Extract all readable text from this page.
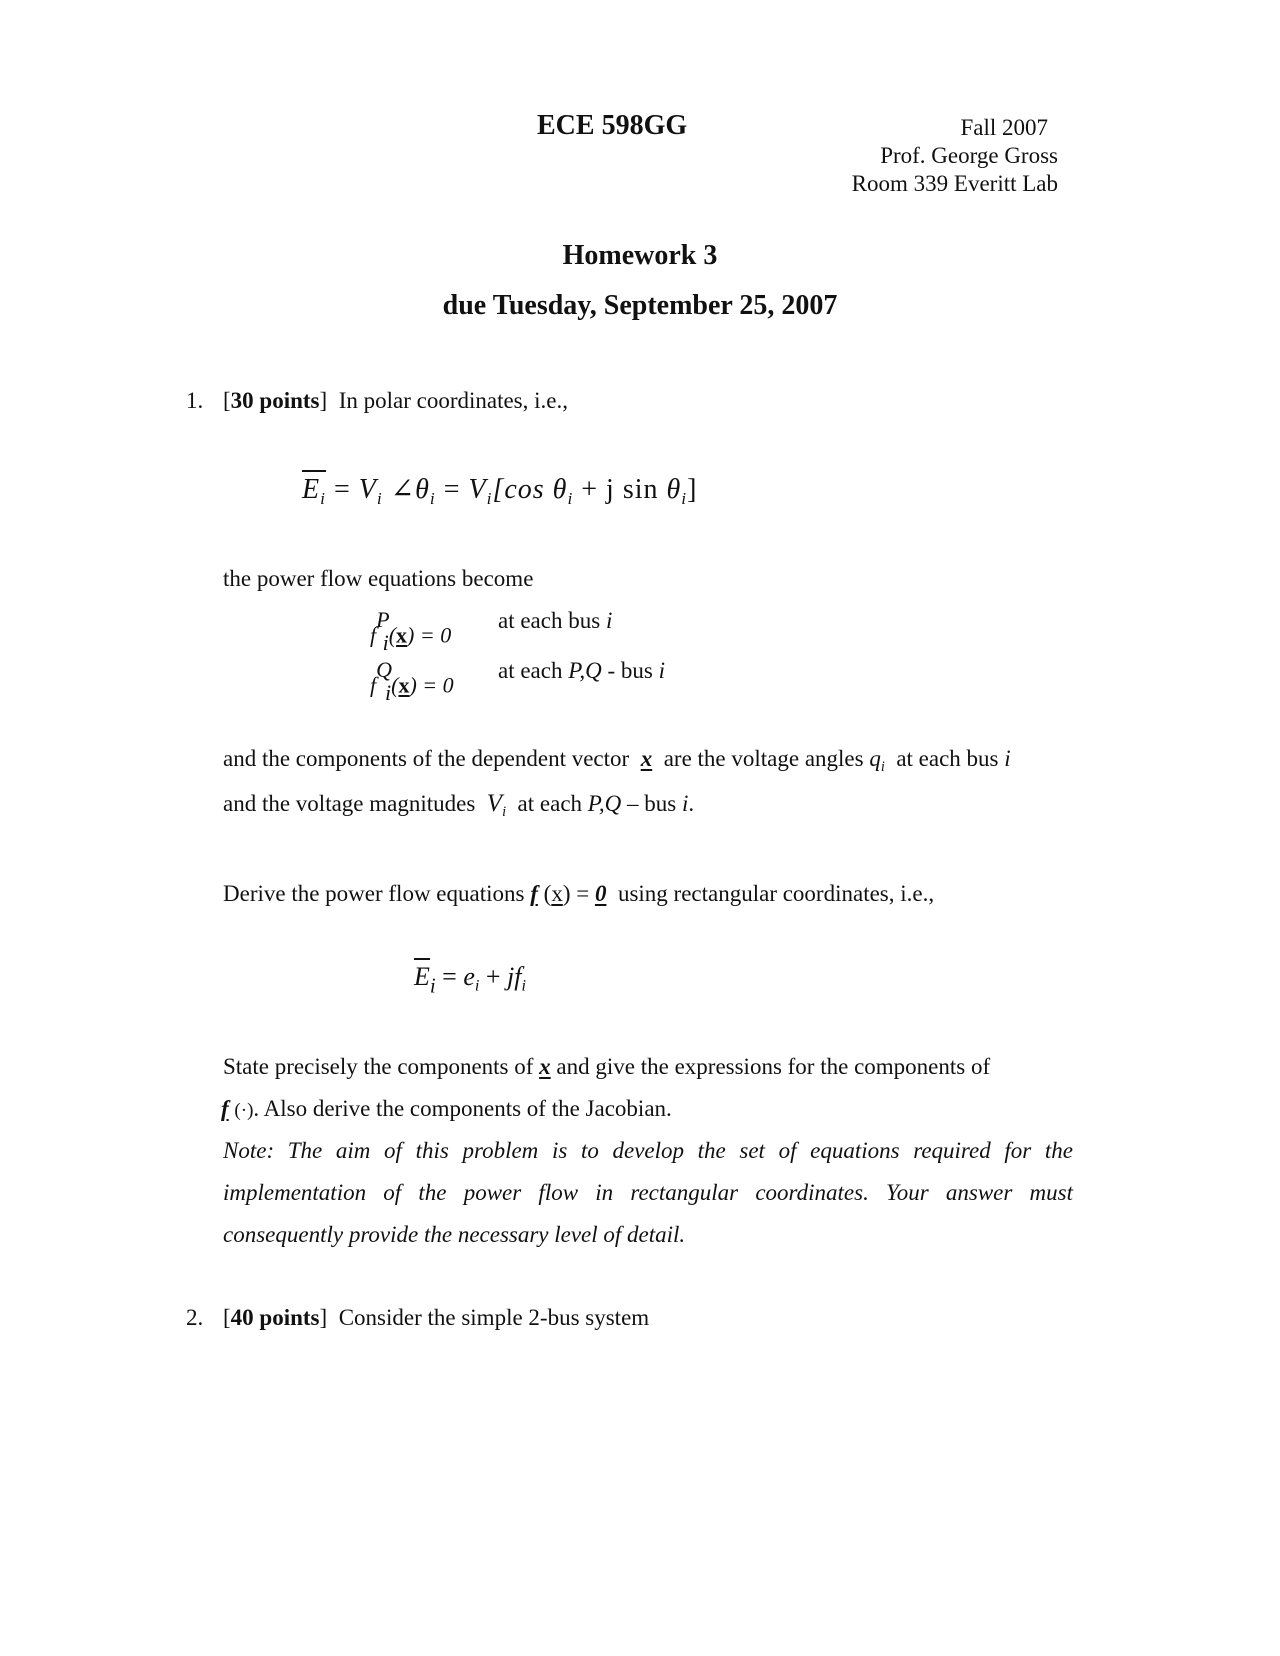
ECE 598GG	Fall 2007
Prof. George Gross
Room 339 Everitt Lab
Homework 3
due Tuesday, September 25, 2007
1. [30 points] In polar coordinates, i.e.,
$E_i = V_i$ $\angle\theta_i = V_i[\cos$ $\theta_i + j$ $\sin \theta_i$]
the power flow equations become
fPi(x) = 0
at each bus i
fQi(x) = 0
at each P,Q - bus i
and the components of the dependent vector x are the voltage angles $q_i$ at each bus i
and the voltage magnitudes $V_i$ at each P,Q – bus i.
Derive the power flow equations f (x) = 0 using rectangular coordinates, i.e.,
$E_i = e_i + jf_i$
State precisely the components of x and give the expressions for the components of
f (·). Also derive the components of the Jacobian.
Note: The aim of this problem is to develop the set of equations required for the
implementation of the power flow in rectangular coordinates. Your answer must
consequently provide the necessary level of detail.
2. [40 points] Consider the simple 2-bus system
